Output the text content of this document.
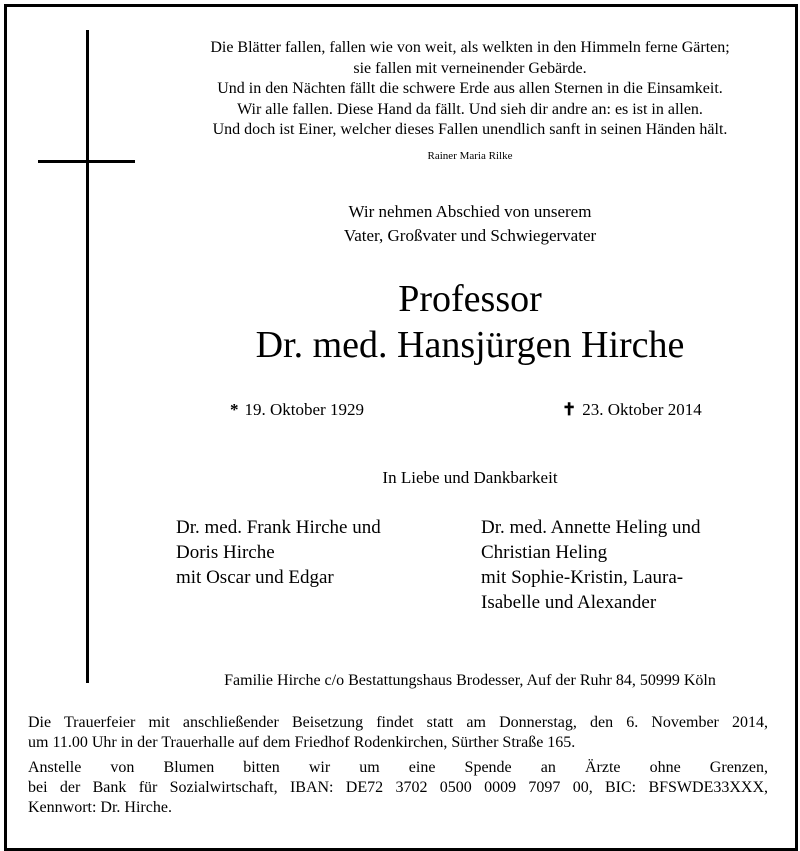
Die Blätter fallen, fallen wie von weit, als welkten in den Himmeln ferne Gärten;
sie fallen mit verneinender Gebärde.
Und in den Nächten fällt die schwere Erde aus allen Sternen in die Einsamkeit.
Wir alle fallen. Diese Hand da fällt. Und sieh dir andre an: es ist in allen.
Und doch ist Einer, welcher dieses Fallen unendlich sanft in seinen Händen hält.
Rainer Maria Rilke
Wir nehmen Abschied von unserem
Vater, Großvater und Schwiegervater
Professor
Dr. med. Hansjürgen Hirche
* 19. Oktober 1929	✝ 23. Oktober 2014
In Liebe und Dankbarkeit
Dr. med. Frank Hirche und
Doris Hirche
mit Oscar und Edgar
Dr. med. Annette Heling und
Christian Heling
mit Sophie-Kristin, Laura-
Isabelle und Alexander
Familie Hirche c/o Bestattungshaus Brodesser, Auf der Ruhr 84, 50999 Köln
Die Trauerfeier mit anschließender Beisetzung findet statt am Donnerstag, den 6. November 2014,
um 11.00 Uhr in der Trauerhalle auf dem Friedhof Rodenkirchen, Sürther Straße 165.
Anstelle von Blumen bitten wir um eine Spende an Ärzte ohne Grenzen,
bei der Bank für Sozialwirtschaft, IBAN: DE72 3702 0500 0009 7097 00, BIC: BFSWDE33XXX,
Kennwort: Dr. Hirche.
